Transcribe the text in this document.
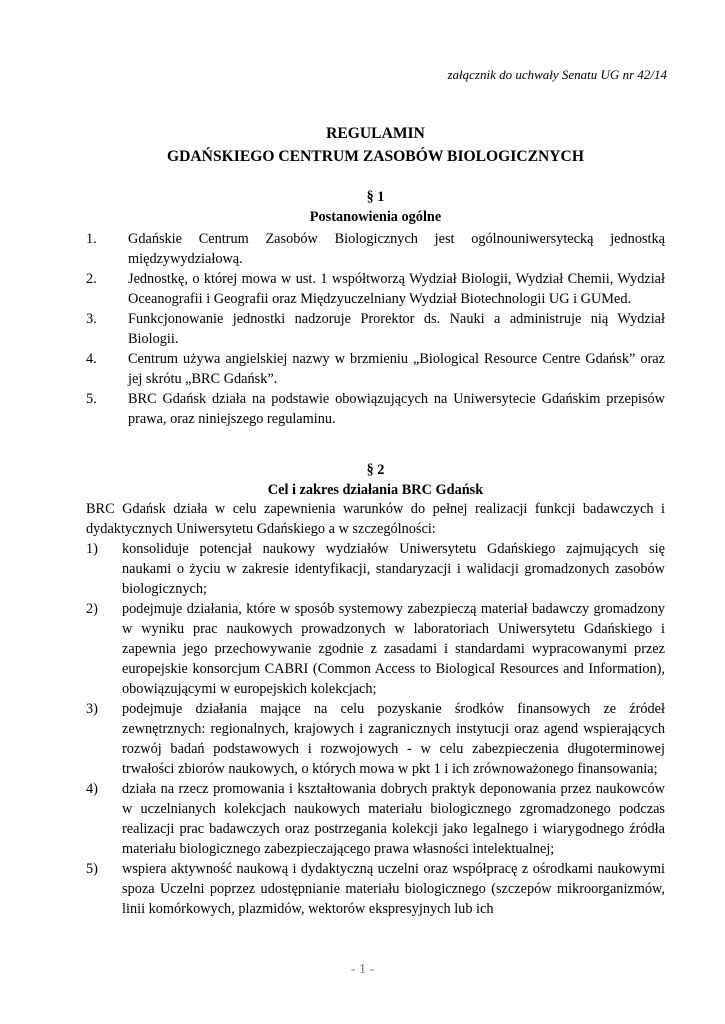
załącznik do uchwały Senatu UG nr 42/14
REGULAMIN
GDAŃSKIEGO CENTRUM ZASOBÓW BIOLOGICZNYCH
§ 1
Postanowienia ogólne
1. Gdańskie Centrum Zasobów Biologicznych jest ogólnouniwersytecką jednostką międzywydziałową.
2. Jednostkę, o której mowa w ust. 1 współtworzą Wydział Biologii, Wydział Chemii, Wydział Oceanografii i Geografii oraz Międzyuczelniany Wydział Biotechnologii UG i GUMed.
3. Funkcjonowanie jednostki nadzoruje Prorektor ds. Nauki a administruje nią Wydział Biologii.
4. Centrum używa angielskiej nazwy w brzmieniu „Biological Resource Centre Gdańsk” oraz jej skrótu „BRC Gdańsk”.
5. BRC Gdańsk działa na podstawie obowiązujących na Uniwersytecie Gdańskim przepisów prawa, oraz niniejszego regulaminu.
§ 2
Cel i zakres działania BRC Gdańsk
BRC Gdańsk działa w celu zapewnienia warunków do pełnej realizacji funkcji badawczych i dydaktycznych Uniwersytetu Gdańskiego a w szczególności:
1) konsoliduje potencjał naukowy wydziałów Uniwersytetu Gdańskiego zajmujących się naukami o życiu w zakresie identyfikacji, standaryzacji i walidacji gromadzonych zasobów biologicznych;
2) podejmuje działania, które w sposób systemowy zabezpieczą materiał badawczy gromadzony w wyniku prac naukowych prowadzonych w laboratoriach Uniwersytetu Gdańskiego i zapewnia jego przechowywanie zgodnie z zasadami i standardami wypracowanymi przez europejskie konsorcjum CABRI (Common Access to Biological Resources and Information), obowiązującymi w europejskich kolekcjach;
3) podejmuje działania mające na celu pozyskanie środków finansowych ze źródeł zewnętrznych: regionalnych, krajowych i zagranicznych instytucji oraz agend wspierających rozwój badań podstawowych i rozwojowych - w celu zabezpieczenia długoterminowej trwałości zbiorów naukowych, o których mowa w pkt 1 i ich zrównoważonego finansowania;
4) działa na rzecz promowania i kształtowania dobrych praktyk deponowania przez naukowców w uczelnianych kolekcjach naukowych materiału biologicznego zgromadzonego podczas realizacji prac badawczych oraz postrzegania kolekcji jako legalnego i wiarygodnego źródła materiału biologicznego zabezpieczającego prawa własności intelektualnej;
5) wspiera aktywność naukową i dydaktyczną uczelni oraz współpracę z ośrodkami naukowymi spoza Uczelni poprzez udostępnianie materiału biologicznego (szczepów mikroorganizmów, linii komórkowych, plazmidów, wektorów ekspresyjnych lub ich
- 1 -
